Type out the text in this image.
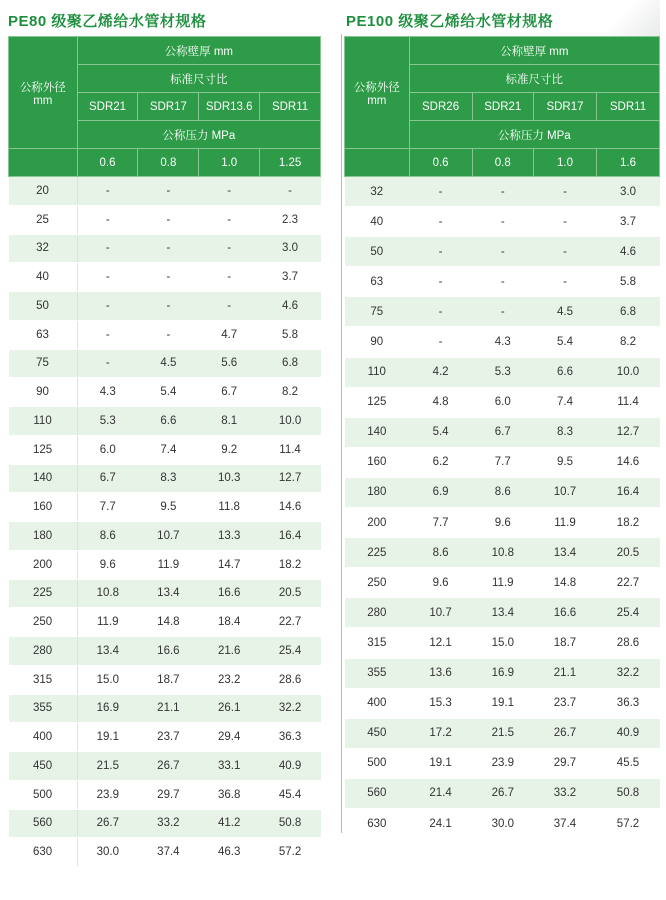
PE80 级聚乙烯给水管材规格
公称外径
mm	公称壁厚 mm			
	标准尺寸比			
	SDR21	SDR17	SDR13.6	SDR11
	公称压力 MPa			
	0.6	0.8	1.0	1.25
20	-	-	-	-
25	-	-	-	2.3
32	-	-	-	3.0
40	-	-	-	3.7
50	-	-	-	4.6
63	-	-	4.7	5.8
75	-	4.5	5.6	6.8
90	4.3	5.4	6.7	8.2
110	5.3	6.6	8.1	10.0
125	6.0	7.4	9.2	11.4
140	6.7	8.3	10.3	12.7
160	7.7	9.5	11.8	14.6
180	8.6	10.7	13.3	16.4
200	9.6	11.9	14.7	18.2
225	10.8	13.4	16.6	20.5
250	11.9	14.8	18.4	22.7
280	13.4	16.6	21.6	25.4
315	15.0	18.7	23.2	28.6
355	16.9	21.1	26.1	32.2
400	19.1	23.7	29.4	36.3
450	21.5	26.7	33.1	40.9
500	23.9	29.7	36.8	45.4
560	26.7	33.2	41.2	50.8
630	30.0	37.4	46.3	57.2
PE100 级聚乙烯给水管材规格
公称外径
mm	公称壁厚 mm			
	标准尺寸比			
	SDR26	SDR21	SDR17	SDR11
	公称压力 MPa			
	0.6	0.8	1.0	1.6
32	-	-	-	3.0
40	-	-	-	3.7
50	-	-	-	4.6
63	-	-	-	5.8
75	-	-	4.5	6.8
90	-	4.3	5.4	8.2
110	4.2	5.3	6.6	10.0
125	4.8	6.0	7.4	11.4
140	5.4	6.7	8.3	12.7
160	6.2	7.7	9.5	14.6
180	6.9	8.6	10.7	16.4
200	7.7	9.6	11.9	18.2
225	8.6	10.8	13.4	20.5
250	9.6	11.9	14.8	22.7
280	10.7	13.4	16.6	25.4
315	12.1	15.0	18.7	28.6
355	13.6	16.9	21.1	32.2
400	15.3	19.1	23.7	36.3
450	17.2	21.5	26.7	40.9
500	19.1	23.9	29.7	45.5
560	21.4	26.7	33.2	50.8
630	24.1	30.0	37.4	57.2
